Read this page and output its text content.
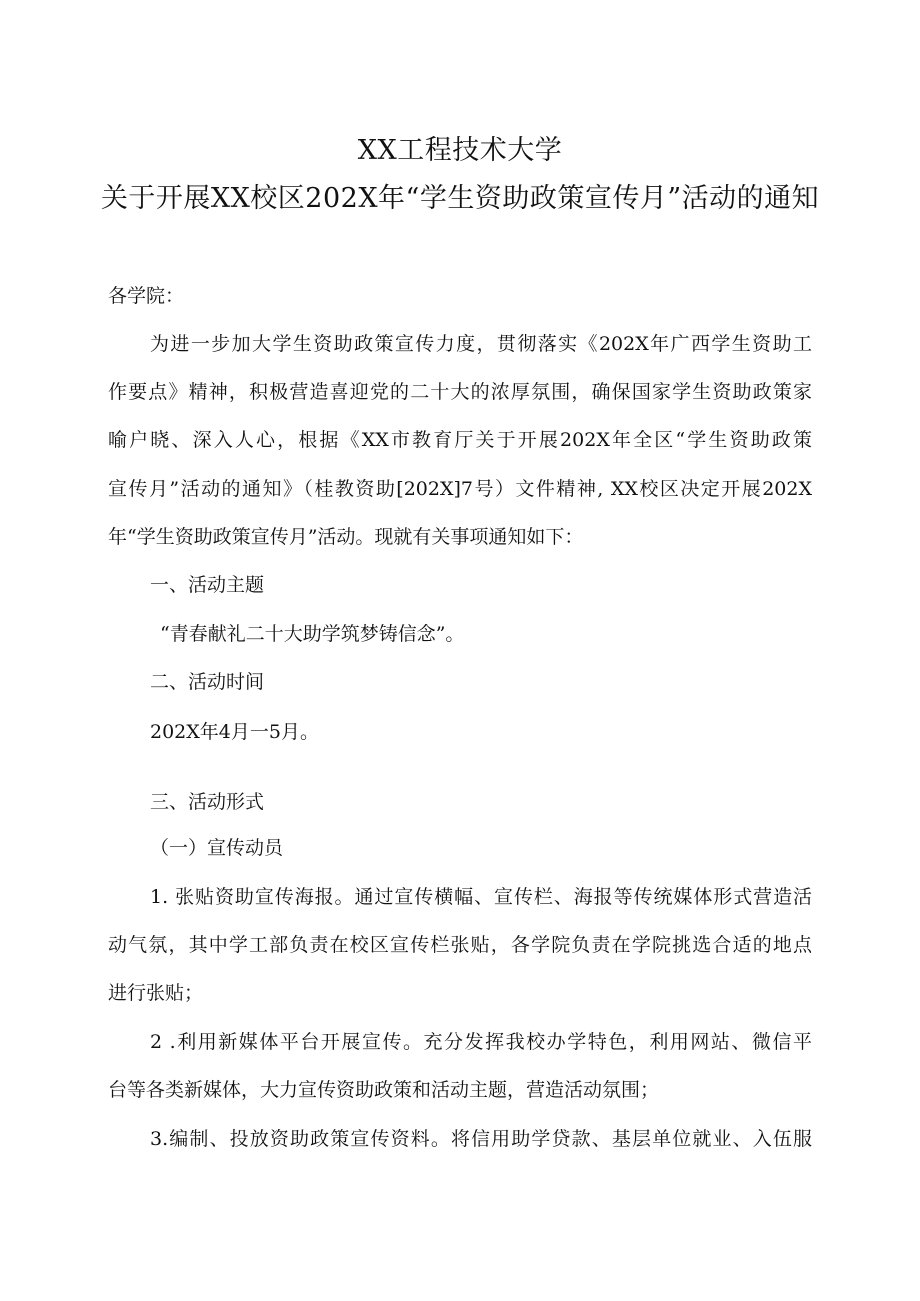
XX工程技术大学
关于开展XX校区202X年“学生资助政策宣传月”活动的通知
各学院：
为进一步加大学生资助政策宣传力度，贯彻落实《202X年广西学生资助工
作要点》精神，积极营造喜迎党的二十大的浓厚氛围，确保国家学生资助政策家
喻户晓、深入人心，根据《XX市教育厅关于开展202X年全区“学生资助政策
宣传月”活动的通知》（桂教资助[202X]7号）文件精神, XX校区决定开展202X
年“学生资助政策宣传月”活动。现就有关事项通知如下：
一、活动主题
“青春献礼二十大助学筑梦铸信念”。
二、活动时间
202X年4月一5月。
三、活动形式
（一）宣传动员
1. 张贴资助宣传海报。通过宣传横幅、宣传栏、海报等传统媒体形式营造活
动气氛，其中学工部负责在校区宣传栏张贴，各学院负责在学院挑选合适的地点
进行张贴；
2 .利用新媒体平台开展宣传。充分发挥我校办学特色，利用网站、微信平
台等各类新媒体，大力宣传资助政策和活动主题，营造活动氛围；
3.编制、投放资助政策宣传资料。将信用助学贷款、基层单位就业、入伍服
